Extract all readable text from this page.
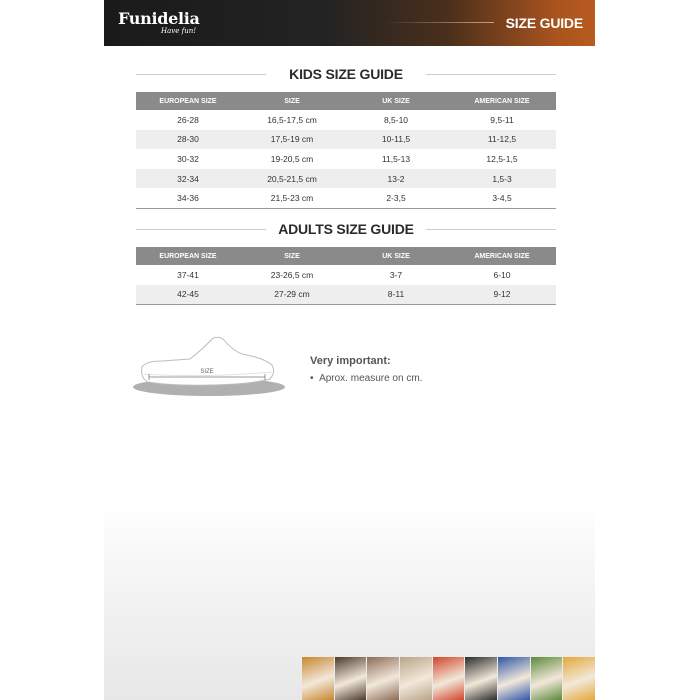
Funidelia
Have fun!	SIZE GUIDE
KIDS SIZE GUIDE
EUROPEAN SIZE	SIZE	UK SIZE	AMERICAN SIZE
26-28	16,5-17,5 cm	8,5-10	9,5-11
28-30	17,5-19 cm	10-11,5	11-12,5
30-32	19-20,5 cm	11,5-13	12,5-1,5
32-34	20,5-21,5 cm	13-2	1,5-3
34-36	21,5-23 cm	2-3,5	3-4,5
ADULTS SIZE GUIDE
EUROPEAN SIZE	SIZE	UK SIZE	AMERICAN SIZE
37-41	23-26,5 cm	3-7	6-10
42-45	27-29 cm	8-11	9-12
SIZE
Very important:
•  Aprox. measure on cm.
